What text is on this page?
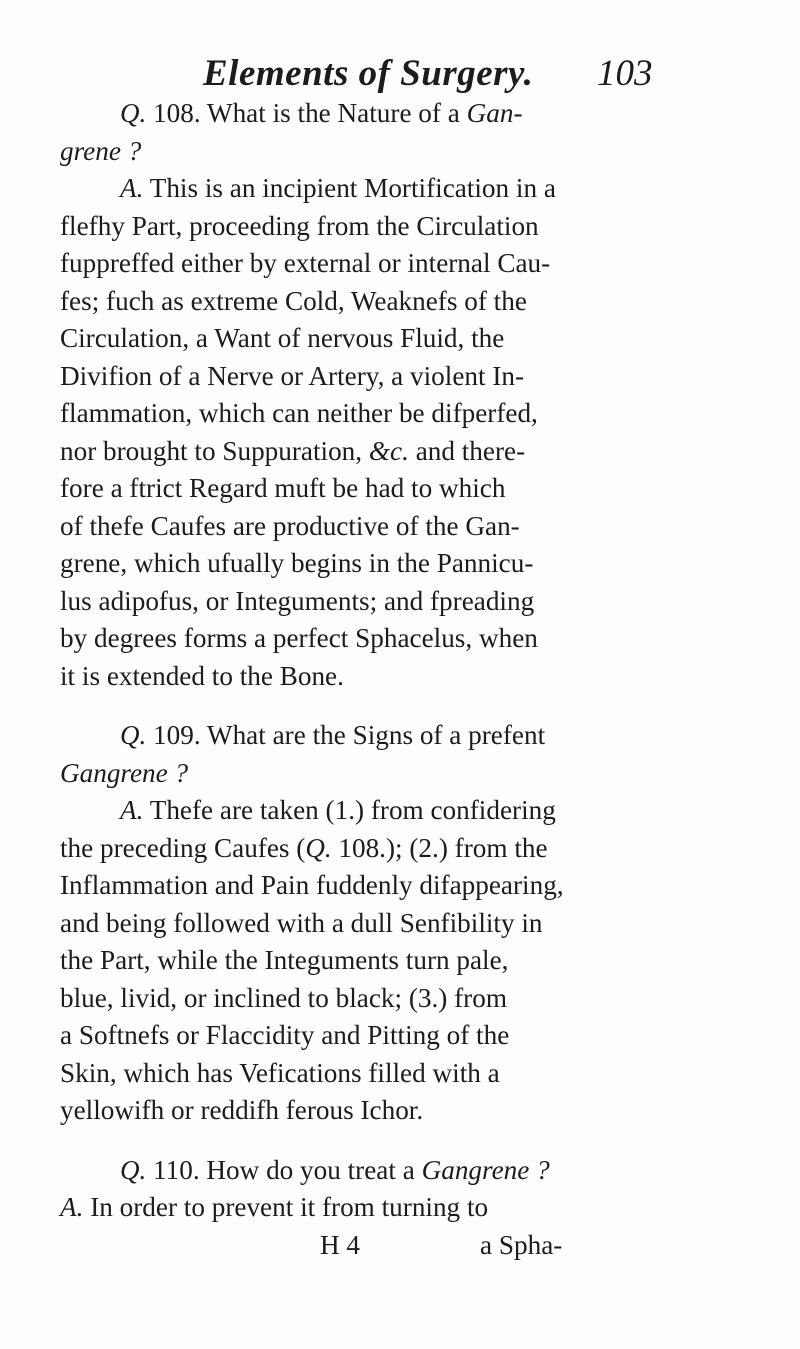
Elements of Surgery. 103
Q. 108. What is the Nature of a Gan-
grene ?
A. This is an incipient Mortification in a
flefhy Part, proceeding from the Circulation
fuppreffed either by external or internal Cau-
fes; fuch as extreme Cold, Weaknefs of the
Circulation, a Want of nervous Fluid, the
Divifion of a Nerve or Artery, a violent In-
flammation, which can neither be difperfed,
nor brought to Suppuration, &c. and there-
fore a ftrict Regard muft be had to which
of thefe Caufes are productive of the Gan-
grene, which ufually begins in the Pannicu-
lus adipofus, or Integuments; and fpreading
by degrees forms a perfect Sphacelus, when
it is extended to the Bone.
Q. 109. What are the Signs of a prefent
Gangrene ?
A. Thefe are taken (1.) from confidering
the preceding Caufes (Q. 108.); (2.) from the
Inflammation and Pain fuddenly difappearing,
and being followed with a dull Senfibility in
the Part, while the Integuments turn pale,
blue, livid, or inclined to black; (3.) from
a Softnefs or Flaccidity and Pitting of the
Skin, which has Vefications filled with a
yellowifh or reddifh ferous Ichor.
Q. 110. How do you treat a Gangrene ?
A. In order to prevent it from turning to
H 4	a Spha-
